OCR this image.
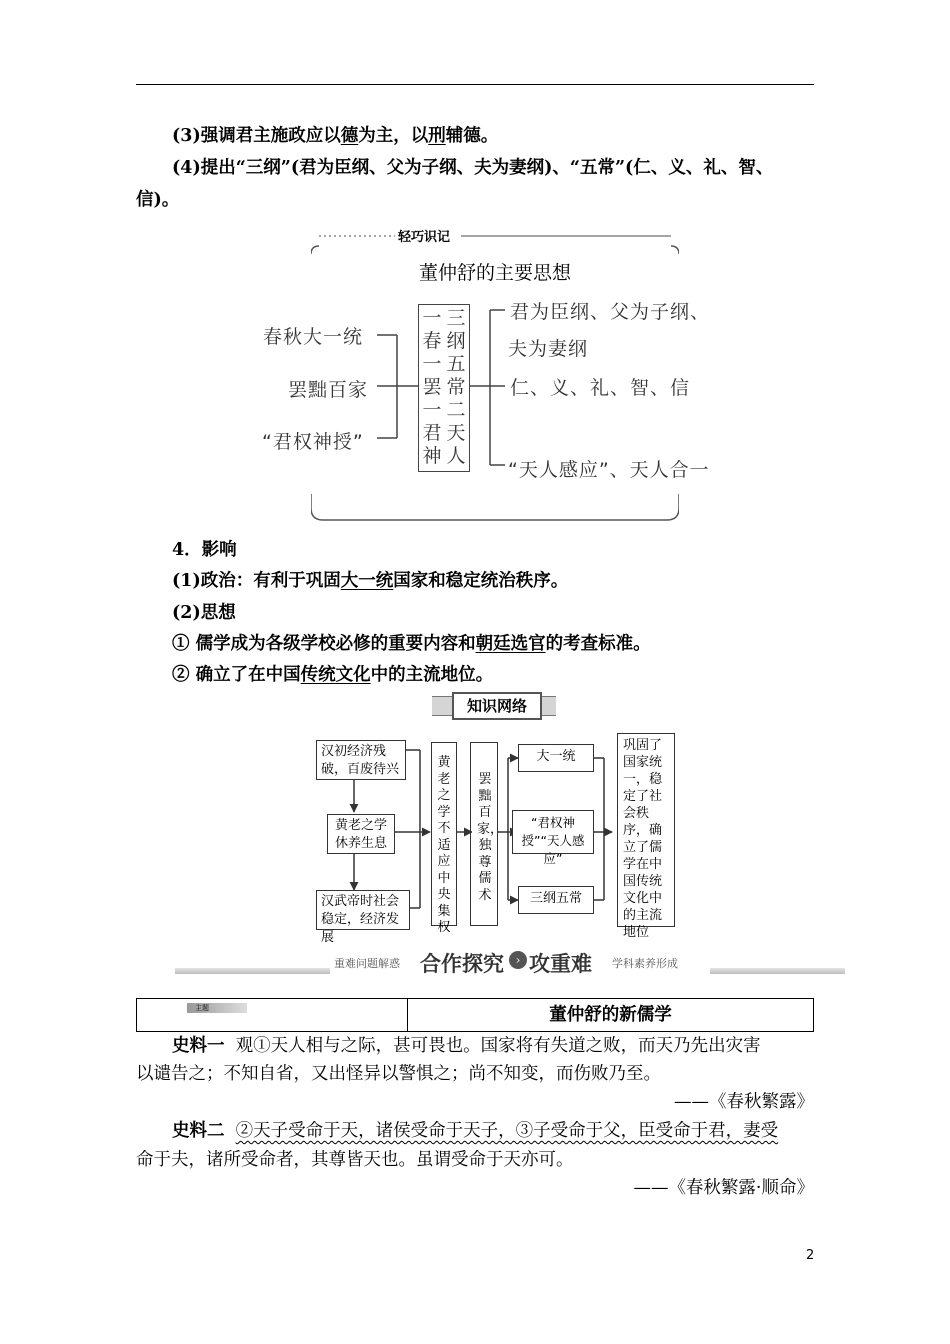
(3)强调君主施政应以德为主，以刑辅德。
(4)提出“三纲”(君为臣纲、父为子纲、夫为妻纲)、“五常”(仁、义、礼、智、
信)。
轻巧识记
董仲舒的主要思想
春秋大一统
罢黜百家
“君权神授”
一
春
一
罢
一
君
神
三
纲
五
常
二
天
人
君为臣纲、父为子纲、
夫为妻纲
仁、义、礼、智、信
“天人感应”、天人合一
4．影响
(1)政治：有利于巩固大一统国家和稳定统治秩序。
(2)思想
① 儒学成为各级学校必修的重要内容和朝廷选官的考查标准。
② 确立了在中国传统文化中的主流地位。
知识网络
汉初经济残破，百废待兴
黄老之学休养生息
汉武帝时社会稳定，经济发展
黄老之学不适应中央集权
罢黜百家，独尊儒术
大一统
“君权神授”“天人感应”
三纲五常
巩固了国家统一，稳定了社会秩序，确立了儒学在中国传统文化中的主流地位
重难问题解惑 合作探究 › 攻重难 学科素养形成
主题	董仲舒的新儒学
史料一 观①天人相与之际，甚可畏也。国家将有失道之败，而天乃先出灾害
以谴告之；不知自省，又出怪异以警惧之；尚不知变，而伤败乃至。
——《春秋繁露》
史料二 ②天子受命于天，诸侯受命于天子，③子受命于父，臣受命于君，妻受
命于夫，诸所受命者，其尊皆天也。虽谓受命于天亦可。
——《春秋繁露·顺命》
2
